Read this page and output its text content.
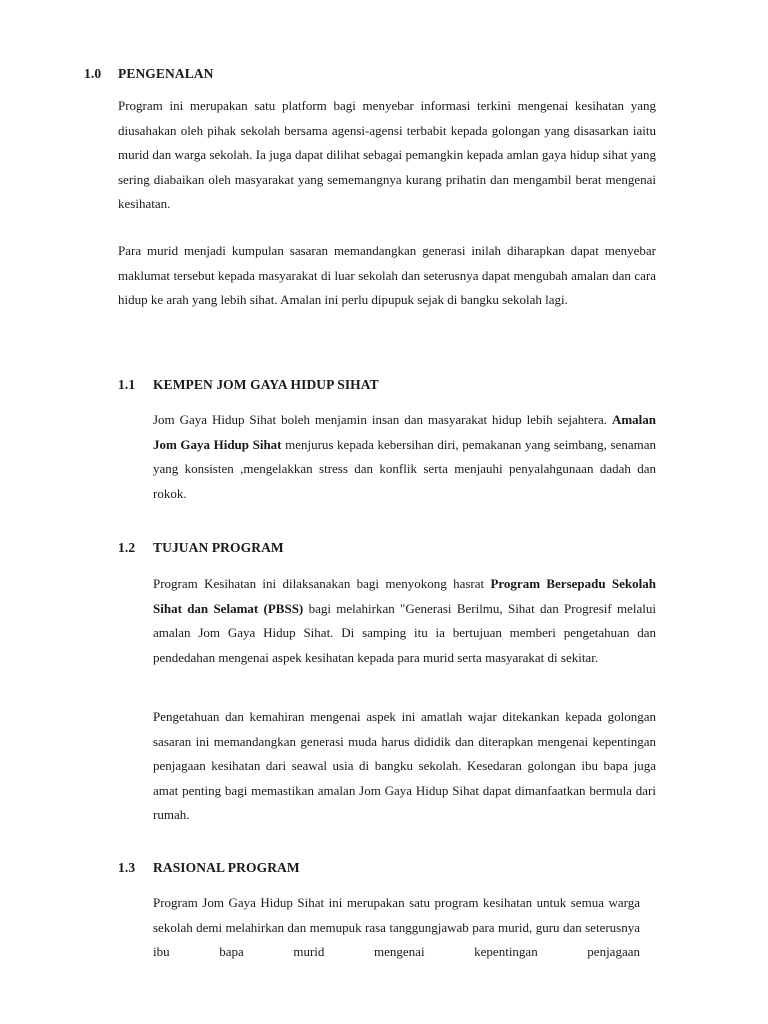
1.0 PENGENALAN

Program ini merupakan satu platform bagi menyebar informasi terkini mengenai kesihatan yang diusahakan oleh pihak sekolah bersama agensi-agensi terbabit kepada golongan yang disasarkan iaitu murid dan warga sekolah. Ia juga dapat dilihat sebagai pemangkin kepada amlan gaya hidup sihat yang sering diabaikan oleh masyarakat yang sememangnya kurang prihatin dan mengambil berat mengenai kesihatan.

Para murid menjadi kumpulan sasaran memandangkan generasi inilah diharapkan dapat menyebar maklumat tersebut kepada masyarakat di luar sekolah dan seterusnya dapat mengubah amalan dan cara hidup ke arah yang lebih sihat. Amalan ini perlu dipupuk sejak di bangku sekolah lagi.

1.1 KEMPEN JOM GAYA HIDUP SIHAT

Jom Gaya Hidup Sihat boleh menjamin insan dan masyarakat hidup lebih sejahtera. Amalan Jom Gaya Hidup Sihat menjurus kepada kebersihan diri, pemakanan yang seimbang, senaman yang konsisten ,mengelakkan stress dan konflik serta menjauhi penyalahgunaan dadah dan rokok.

1.2 TUJUAN PROGRAM

Program Kesihatan ini dilaksanakan bagi menyokong hasrat Program Bersepadu Sekolah Sihat dan Selamat (PBSS) bagi melahirkan "Generasi Berilmu, Sihat dan Progresif melalui amalan Jom Gaya Hidup Sihat. Di samping itu ia bertujuan memberi pengetahuan dan pendedahan mengenai aspek kesihatan kepada para murid serta masyarakat di sekitar.

Pengetahuan dan kemahiran mengenai aspek ini amatlah wajar ditekankan kepada golongan sasaran ini memandangkan generasi muda harus dididik dan diterapkan mengenai kepentingan penjagaan kesihatan dari seawal usia di bangku sekolah. Kesedaran golongan ibu bapa juga amat penting bagi memastikan amalan Jom Gaya Hidup Sihat dapat dimanfaatkan bermula dari rumah.

1.3 RASIONAL PROGRAM

Program Jom Gaya Hidup Sihat ini merupakan satu program kesihatan untuk semua warga sekolah demi melahirkan dan memupuk rasa tanggungjawab para murid, guru dan seterusnya ibu bapa murid mengenai kepentingan penjagaan
